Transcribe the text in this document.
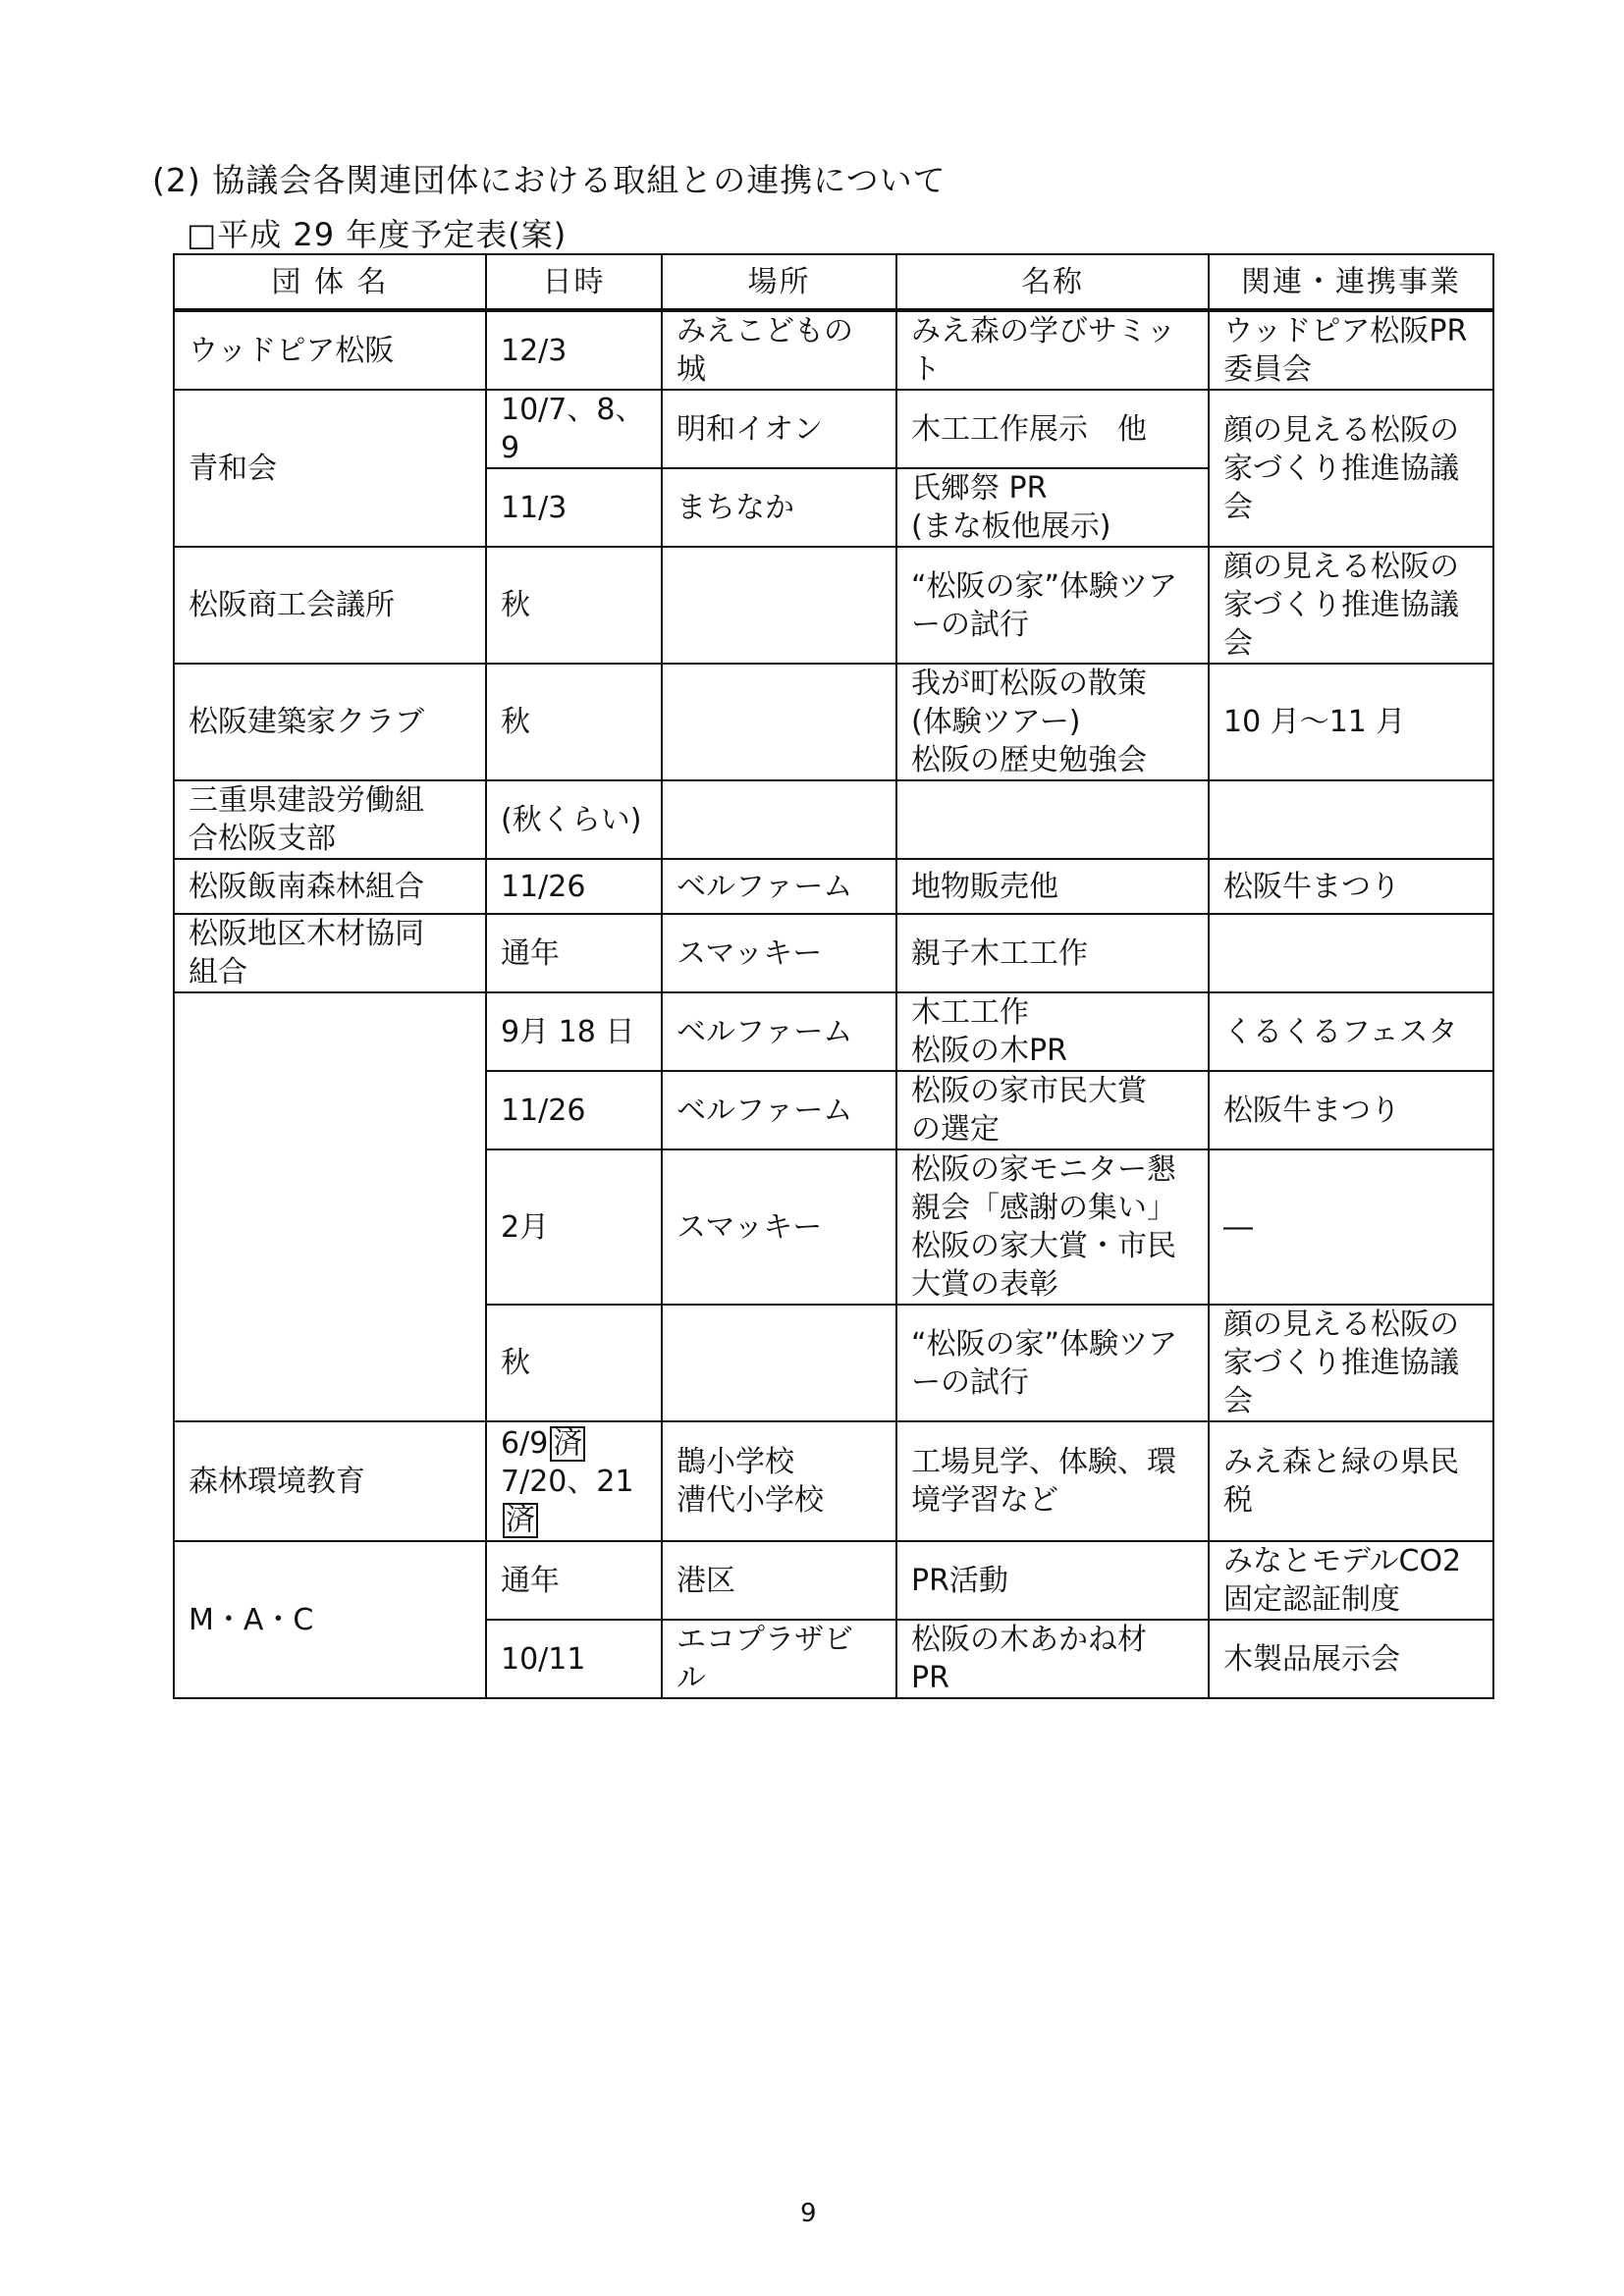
(2) 協議会各関連団体における取組との連携について
□平成 29 年度予定表(案)
団 体 名	日時	場所	名称	関連・連携事業
ウッドピア松阪	12/3	みえこどもの城	みえ森の学びサミット	ウッドピア松阪PR
委員会
青和会	10/7、8、9	明和イオン	木工工作展示　他	顔の見える松阪の
家づくり推進協議
会
	11/3	まちなか	氏郷祭 PR
(まな板他展示)	
松阪商工会議所	秋		“松阪の家”体験ツア
ーの試行	顔の見える松阪の
家づくり推進協議
会
松阪建築家クラブ	秋		我が町松阪の散策
(体験ツアー)
松阪の歴史勉強会	10 月～11 月
三重県建設労働組
合松阪支部	(秋くらい)			
松阪飯南森林組合	11/26	ベルファーム	地物販売他	松阪牛まつり
松阪地区木材協同
組合	通年	スマッキー	親子木工工作	
	9月 18 日	ベルファーム	木工工作
松阪の木PR	くるくるフェスタ
	11/26	ベルファーム	松阪の家市民大賞
の選定	松阪牛まつり
	2月	スマッキー	松阪の家モニター懇
親会「感謝の集い」
松阪の家大賞・市民
大賞の表彰	―
	秋		“松阪の家”体験ツア
ーの試行	顔の見える松阪の
家づくり推進協議
会
森林環境教育	6/9 済
7/20、21
済	鵲小学校
漕代小学校	工場見学、体験、環
境学習など	みえ森と緑の県民
税
M・A・C	通年	港区	PR活動	みなとモデルCO2
固定認証制度
	10/11	エコプラザビル	松阪の木あかね材
PR	木製品展示会
9
